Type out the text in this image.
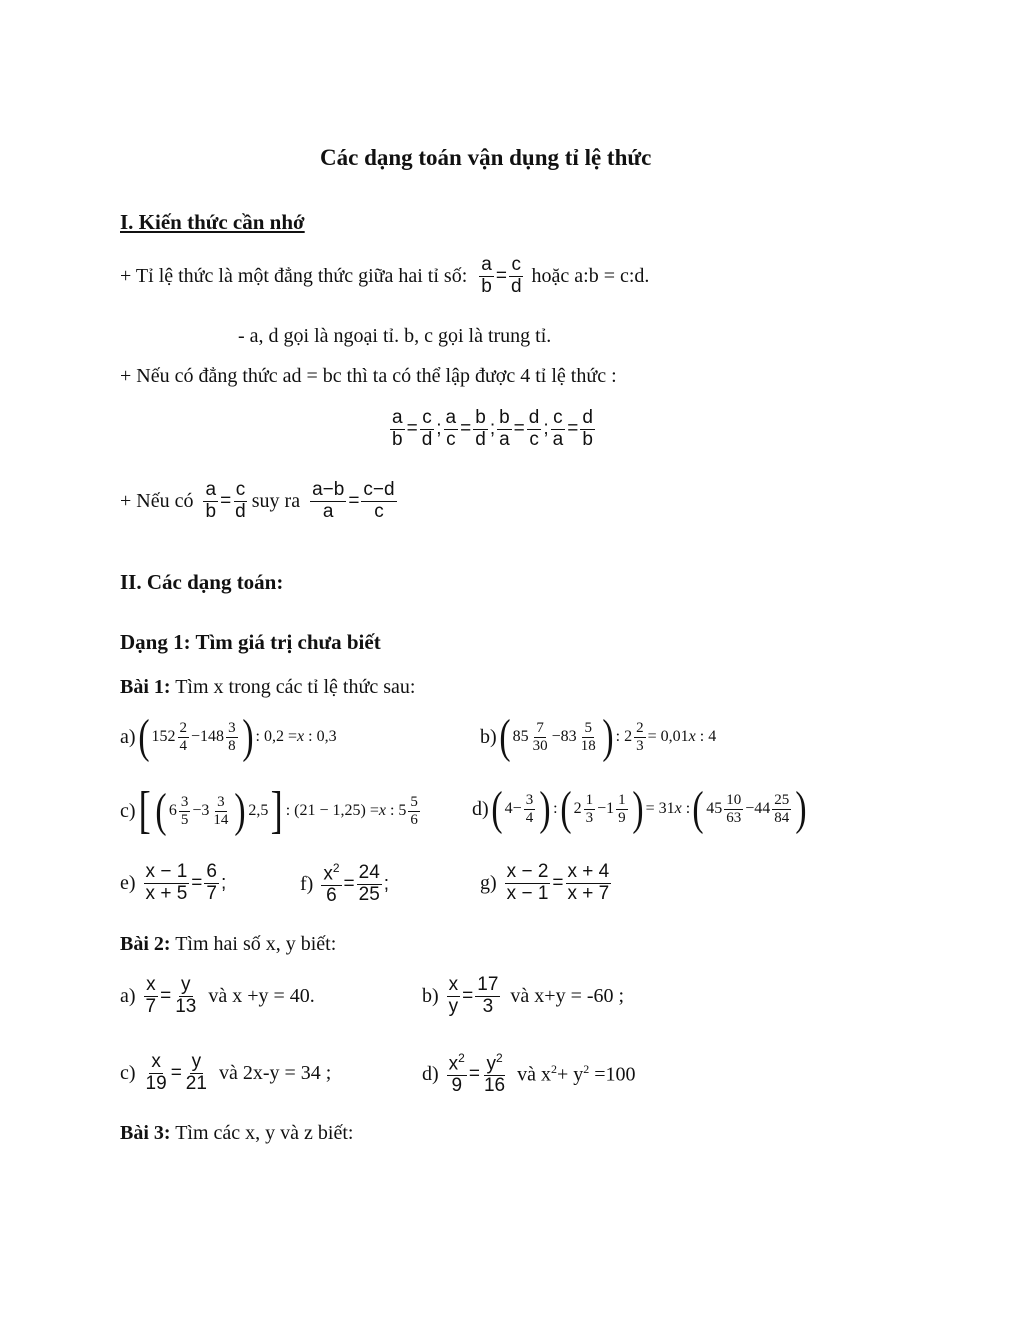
Các dạng toán vận dụng tỉ lệ thức
I. Kiến thức cần nhớ
+ Tỉ lệ thức là một đẳng thức giữa hai tỉ số: $\frac{a}{b} = \frac{c}{d}$ hoặc a:b = c:d.
- a, d gọi là ngoại tỉ. b, c gọi là trung tỉ.
+ Nếu có đẳng thức ad = bc thì ta có thể lập được 4 tỉ lệ thức :
$\frac{a}{b} = \frac{c}{d}$ ; $\frac{a}{c} = \frac{b}{d}$ ; $\frac{b}{a} = \frac{d}{c}$ ; $\frac{c}{a} = \frac{d}{b}$
+ Nếu có $\frac{a}{b} = \frac{c}{d}$ suy ra $\frac{a-b}{a} = \frac{c-d}{c}$
II. Các dạng toán:
Dạng 1: Tìm giá trị chưa biết
Bài 1: Tìm x trong các tỉ lệ thức sau:
a) ( $152 \frac{2}{4} -148 \frac{3}{8}$ ) : 0,2 = x : 0,3	b) ( $85 \frac{7}{30} -83 \frac{5}{18}$ ) : $2 \frac{2}{3} = 0,01$ x : 4
c) [ ( $6 \frac{3}{5} -3 \frac{3}{14}$ ) 2,5 ] : (21 − 1,25) = x : $5 \frac{5}{6}$	d) ( $4- \frac{3}{4}$ ) : ( $2 \frac{1}{3} -1 \frac{1}{9}$ ) = 31 x : ( $45 \frac{10}{63} -44 \frac{25}{84}$ )
$e) \frac{x - 1}{x + 5} = \frac{6}{7}$ ;	$f) \frac{x^2}{6} = \frac{24}{25}$ ;	$g) \frac{x - 2}{x - 1} = \frac{x + 4}{x + 7}$
Bài 2: Tìm hai số x, y biết:
$a) \frac{x}{7} = \frac{y}{13}$ và x +y = 40.	$b) \frac{x}{y} = \frac{17}{3}$ và x+y = -60 ;
$c) \frac{x}{19} = \frac{y}{21}$ và 2x-y = 34 ;	$d) \frac{x^2}{9} = \frac{y^2}{16}$ và $x^2+ y^2 =100$
Bài 3: Tìm các x, y và z biết:
